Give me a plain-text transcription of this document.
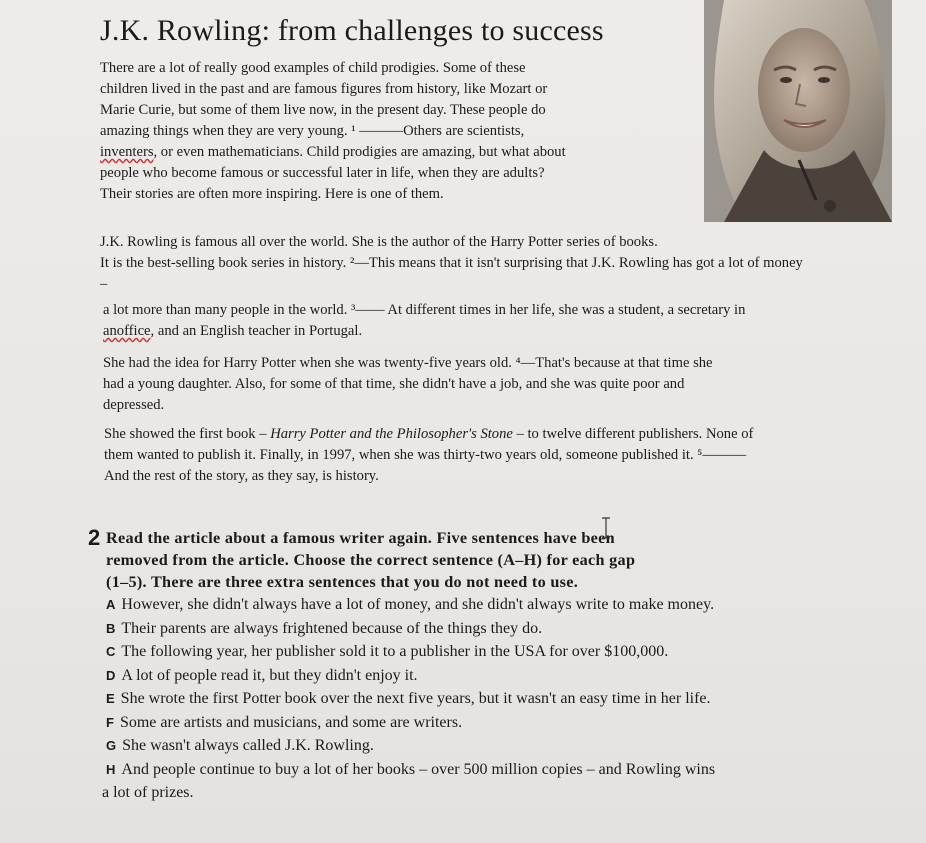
J.K. Rowling: from challenges to success

There are a lot of really good examples of child prodigies. Some of these
children lived in the past and are famous figures from history, like Mozart or
Marie Curie, but some of them live now, in the present day. These people do
amazing things when they are very young. ¹ ———Others are scientists,
inventers, or even mathematicians. Child prodigies are amazing, but what about
people who become famous or successful later in life, when they are adults?
Their stories are often more inspiring. Here is one of them.

J.K. Rowling is famous all over the world. She is the author of the Harry Potter series of books.
It is the best-selling book series in history. ²—This means that it isn't surprising that J.K. Rowling has got a lot of money
–

a lot more than many people in the world. ³—— At different times in her life, she was a student, a secretary in
anoffice, and an English teacher in Portugal.

She had the idea for Harry Potter when she was twenty-five years old. ⁴—That's because at that time she
had a young daughter. Also, for some of that time, she didn't have a job, and she was quite poor and
depressed.

She showed the first book – Harry Potter and the Philosopher's Stone – to twelve different publishers. None of
them wanted to publish it. Finally, in 1997, when she was thirty-two years old, someone published it. ⁵———
And the rest of the story, as they say, is history.

2 Read the article about a famous writer again. Five sentences have been
removed from the article. Choose the correct sentence (A–H) for each gap
(1–5). There are three extra sentences that you do not need to use.
A However, she didn't always have a lot of money, and she didn't always write to make money.
B Their parents are always frightened because of the things they do.
C The following year, her publisher sold it to a publisher in the USA for over $100,000.
D A lot of people read it, but they didn't enjoy it.
E She wrote the first Potter book over the next five years, but it wasn't an easy time in her life.
F Some are artists and musicians, and some are writers.
G She wasn't always called J.K. Rowling.
H And people continue to buy a lot of her books – over 500 million copies – and Rowling wins
a lot of prizes.
